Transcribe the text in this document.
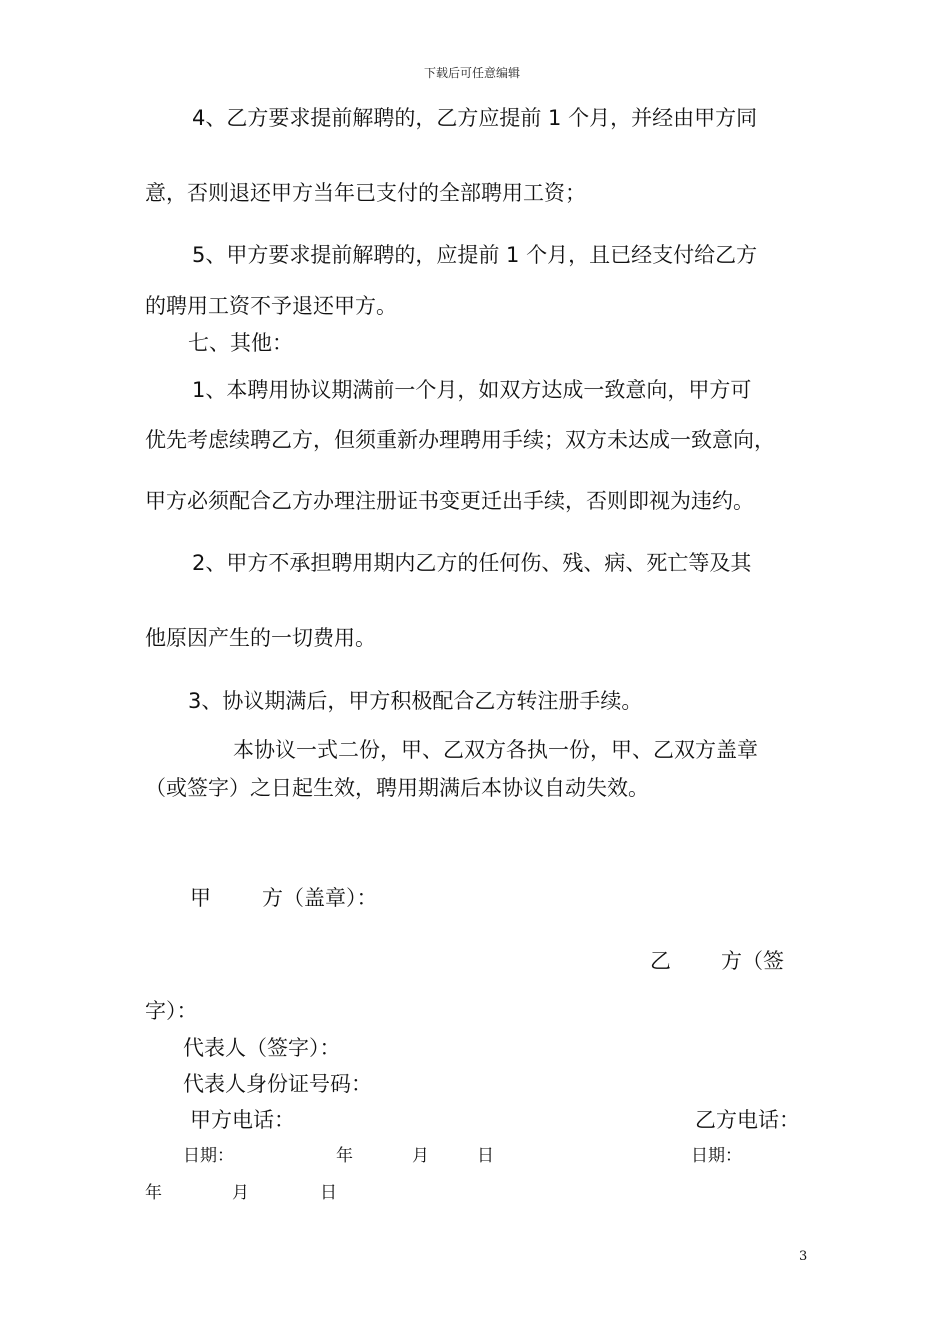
下载后可任意编辑
4、乙方要求提前解聘的，乙方应提前 1 个月，并经由甲方同
意，否则退还甲方当年已支付的全部聘用工资；
5、甲方要求提前解聘的，应提前 1 个月，且已经支付给乙方
的聘用工资不予退还甲方。
七、其他：
1、本聘用协议期满前一个月，如双方达成一致意向，甲方可
优先考虑续聘乙方，但须重新办理聘用手续；双方未达成一致意向，
甲方必须配合乙方办理注册证书变更迁出手续，否则即视为违约。
2、甲方不承担聘用期内乙方的任何伤、残、病、死亡等及其
他原因产生的一切费用。
3、协议期满后，甲方积极配合乙方转注册手续。
本协议一式二份，甲、乙双方各执一份，甲、乙双方盖章
（或签字）之日起生效，聘用期满后本协议自动失效。
甲 方（盖章）：
乙 方（签
字）：
代表人（签字）：
代表人身份证号码：
甲方电话：	乙方电话：
日期：	年	月	日	日期：
年	月	日
3
